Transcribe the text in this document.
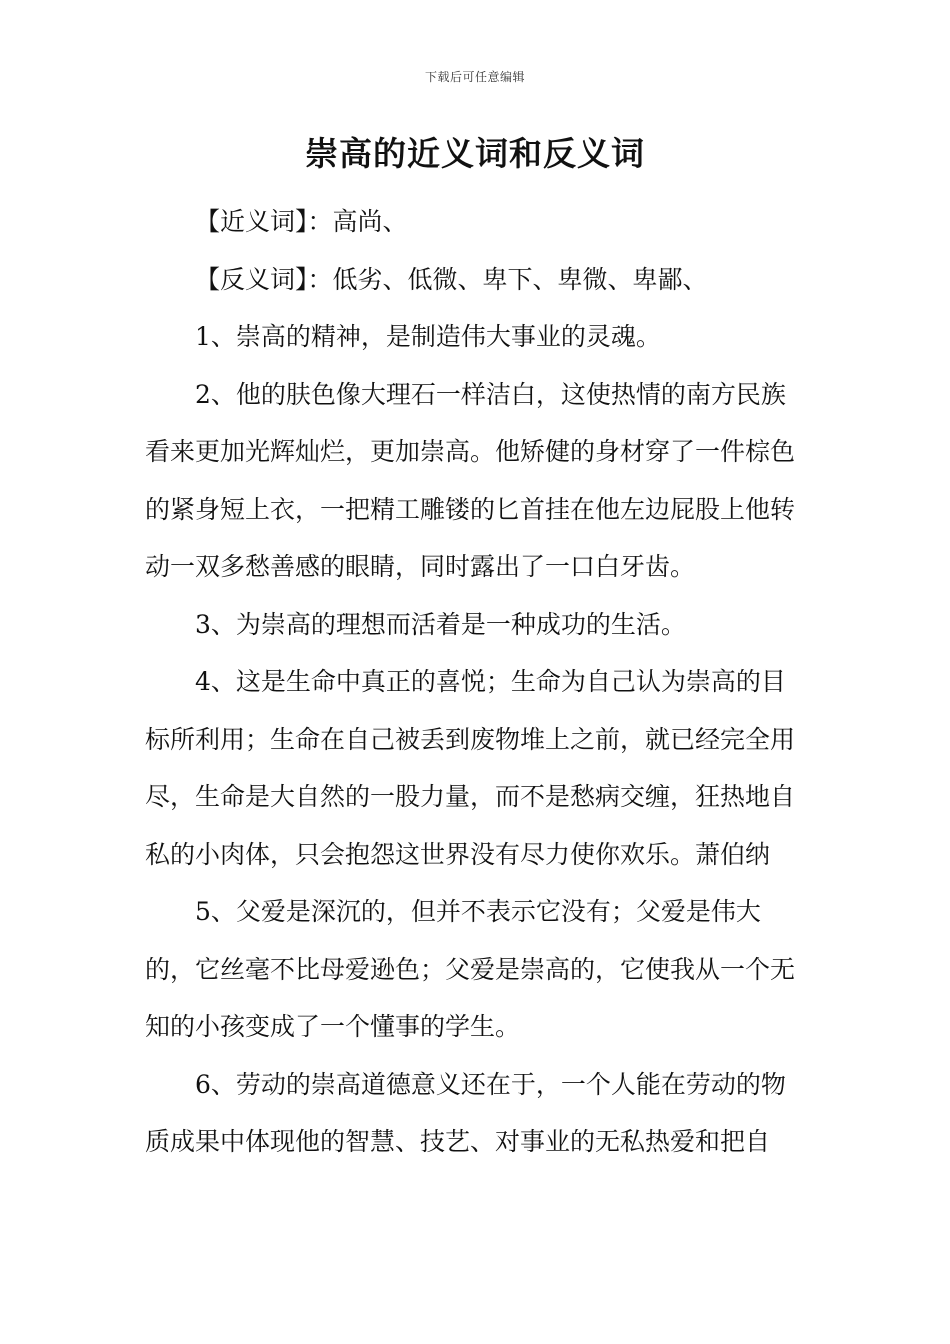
下载后可任意编辑
崇高的近义词和反义词

【近义词】：高尚、

【反义词】：低劣、低微、卑下、卑微、卑鄙、

1、崇高的精神，是制造伟大事业的灵魂。

2、他的肤色像大理石一样洁白，这使热情的南方民族看来更加光辉灿烂，更加崇高。他矫健的身材穿了一件棕色的紧身短上衣，一把精工雕镂的匕首挂在他左边屁股上他转动一双多愁善感的眼睛，同时露出了一口白牙齿。

3、为崇高的理想而活着是一种成功的生活。

4、这是生命中真正的喜悦；生命为自己认为崇高的目标所利用；生命在自己被丢到废物堆上之前，就已经完全用尽，生命是大自然的一股力量，而不是愁病交缠，狂热地自私的小肉体，只会抱怨这世界没有尽力使你欢乐。萧伯纳

5、父爱是深沉的，但并不表示它没有；父爱是伟大的，它丝毫不比母爱逊色；父爱是崇高的，它使我从一个无知的小孩变成了一个懂事的学生。

6、劳动的崇高道德意义还在于，一个人能在劳动的物质成果中体现他的智慧、技艺、对事业的无私热爱和把自
